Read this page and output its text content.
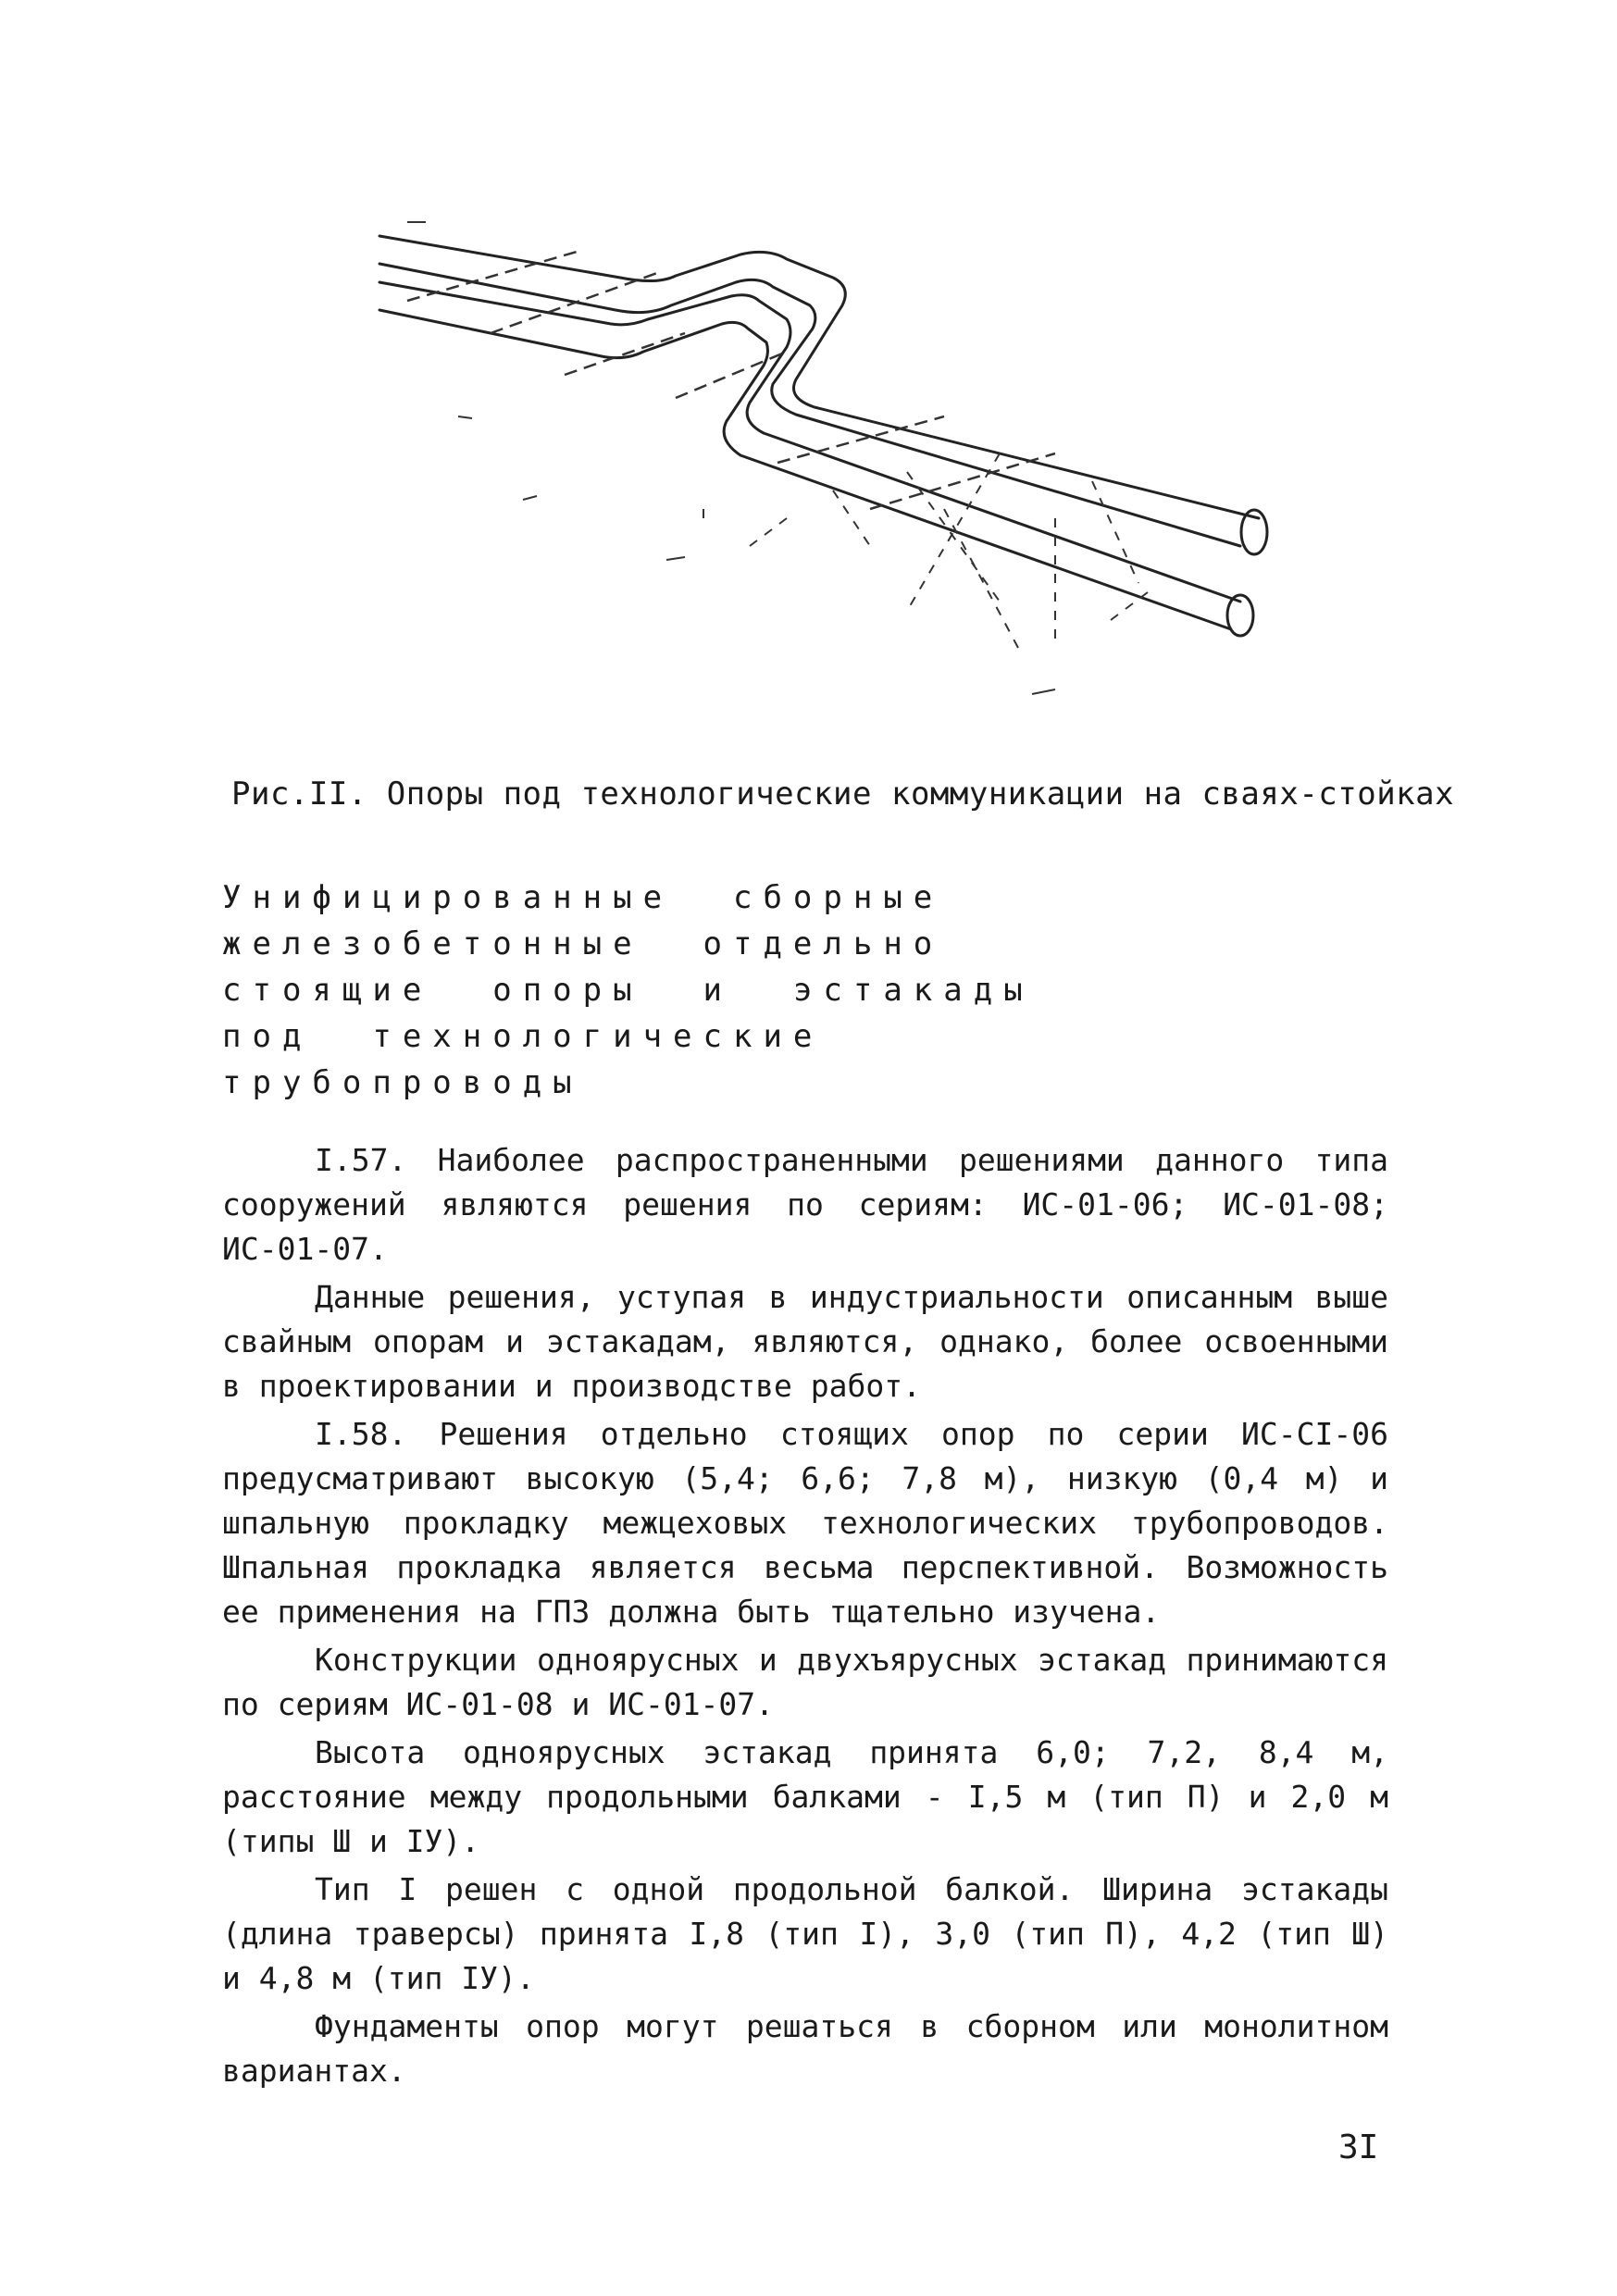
Рис.II. Опоры под технологические коммуникации на сваях-стойках
Унифицированные  сборные
железобетонные  отдельно
стоящие  опоры  и  эстакады
под  технологические
трубопроводы

I.57. Наиболее распространенными решениями данного типа сооружений являются решения по сериям: ИС-01-06; ИС-01-08; ИС-01-07.

Данные решения, уступая в индустриальности описанным выше свайным опорам и эстакадам, являются, однако, более освоенными в проектировании и производстве работ.

I.58. Решения отдельно стоящих опор по серии ИС-СI-06 предусматривают высокую (5,4; 6,6; 7,8 м), низкую (0,4 м) и шпальную прокладку межцеховых технологических трубопроводов. Шпальная прокладка является весьма перспективной. Возможность ее применения на ГПЗ должна быть тщательно изучена.

Конструкции одноярусных и двухъярусных эстакад принимаются по сериям ИС-01-08 и ИС-01-07.

Высота одноярусных эстакад принята 6,0; 7,2, 8,4 м, расстояние между продольными балками - I,5 м (тип П) и 2,0 м (типы Ш и IУ).

Тип I решен с одной продольной балкой. Ширина эстакады (длина траверсы) принята I,8 (тип I), 3,0 (тип П), 4,2 (тип Ш) и 4,8 м (тип IУ).

Фундаменты опор могут решаться в сборном или монолитном вариантах.

3I
